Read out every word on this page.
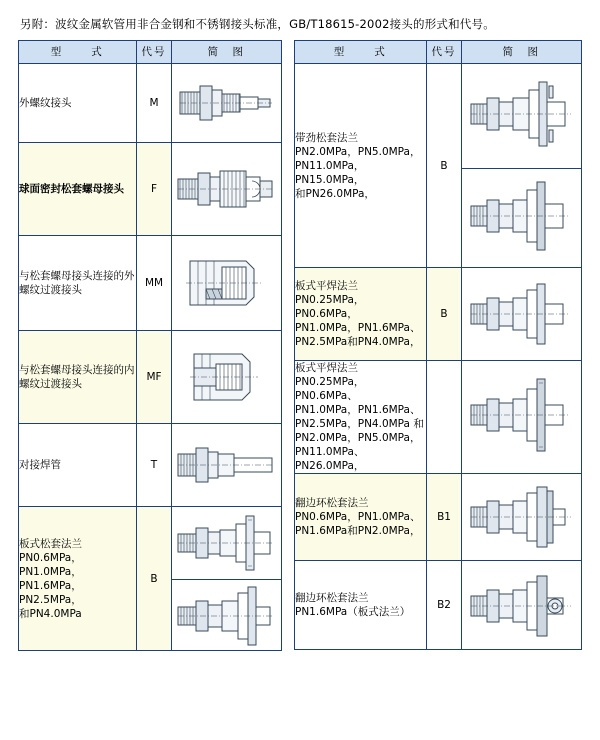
另附：波纹金属软管用非合金钢和不锈钢接头标准，GB/T18615-2002接头的形式和代号。
型　　式	代号	简　图
外螺纹接头	M	

球面密封松套螺母接头	F	

与松套螺母接头连接的外螺纹过渡接头	MM	

与松套螺母接头连接的内螺纹过渡接头	MF	

对接焊管	T	

板式松套法兰
PN0.6MPa，PN1.0MPa，
PN1.6MPa，PN2.5MPa，
和PN4.0MPa	B	

型　　式	代号	简　图
带劲松套法兰
PN2.0MPa，PN5.0MPa，
PN11.0MPa，PN15.0MPa，
和PN26.0MPa，	B	

板式平焊法兰
PN0.25MPa，PN0.6MPa，
PN1.0MPa，PN1.6MPa、
PN2.5MPa和PN4.0MPa，	B	

板式平焊法兰
PN0.25MPa，PN0.6MPa、
PN1.0MPa，PN1.6MPa、
PN2.5MPa，PN4.0MPa 和
PN2.0MPa，PN5.0MPa，
PN11.0MPa、PN26.0MPa，		

翻边环松套法兰
PN0.6MPa，PN1.0MPa、
PN1.6MPa和PN2.0MPa，	B1	

翻边环松套法兰
PN1.6MPa（板式法兰）	B2	
